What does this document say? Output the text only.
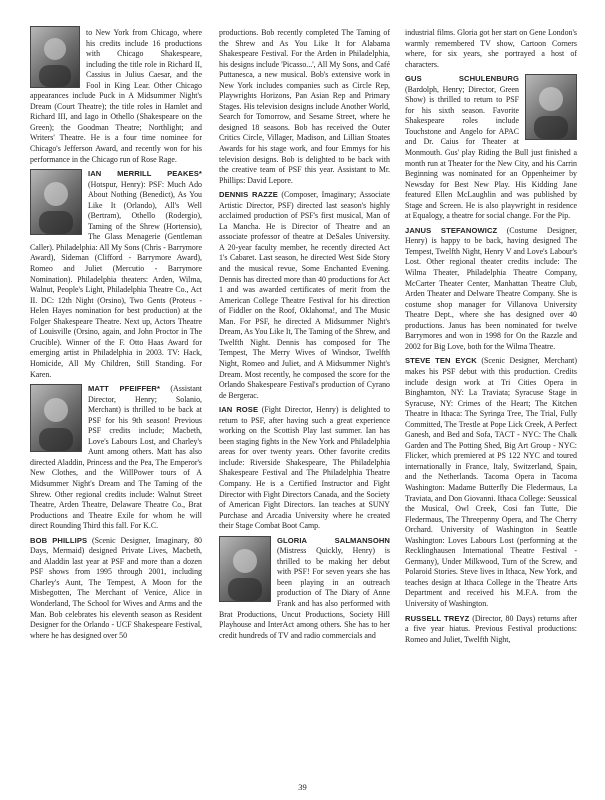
to New York from Chicago, where his credits include 16 productions with Chicago Shakespeare, including the title role in Richard II, Cassius in Julius Caesar, and the Fool in King Lear. Other Chicago appearances include Puck in A Midsummer Night's Dream (Court Theatre); the title roles in Hamlet and Richard III, and Iago in Othello (Shakespeare on the Green); the Goodman Theatre; Northlight; and Writers' Theatre. He is a four time nominee for Chicago's Jefferson Award, and recently won for his performance in the Chicago run of Rose Rage.

IAN MERRILL PEAKES*
(Hotspur, Henry): PSF: Much Ado About Nothing (Benedict), As You Like It (Orlando), All's Well (Bertram), Othello (Rodergio), Taming of the Shrew (Hortensio), The Glass Menagerie (Gentleman Caller). Philadelphia: All My Sons (Chris - Barrymore Award), Sideman (Clifford - Barrymore Award), Romeo and Juliet (Mercutio - Barrymore Nomination). Philadelphia theaters: Arden, Wilma, Walnut, People's Light, Philadelphia Theatre Co., Act II. DC: 12th Night (Orsino), Two Gents (Proteus - Helen Hayes nomination for best production) at the Folger Shakespeare Theatre. Next up, Actors Theatre of Louisville (Orsino, again, and John Proctor in The Crucible). Winner of the F. Otto Haas Award for emerging artist in Philadelphia in 2003. TV: Hack, Homicide, All My Children, Still Standing. For Karen.

MATT PFEIFFER* (Assistant Director, Henry; Solanio, Merchant) is thrilled to be back at PSF for his 9th season! Previous PSF credits include; Macbeth, Love's Labours Lost, and Charley's Aunt among others. Matt has also directed Aladdin, Princess and the Pea, The Emperor's New Clothes, and the WillPower tours of A Midsummer Night's Dream and The Taming of the Shrew. Other regional credits include: Walnut Street Theatre, Arden Theatre, Delaware Theatre Co., Brat Productions and Theatre Exile for whom he will direct Rounding Third this fall. For K.C.

BOB PHILLIPS (Scenic Designer, Imaginary, 80 Days, Mermaid) designed Private Lives, Macbeth, and Aladdin last year at PSF and more than a dozen PSF shows from 1995 through 2001, including Charley's Aunt, The Tempest, A Moon for the Misbegotten, The Merchant of Venice, Alice in Wonderland, The School for Wives and Arms and the Man. Bob celebrates his eleventh season as Resident Designer for the Orlando - UCF Shakespeare Festival, where he has designed over 50

productions. Bob recently completed The Taming of the Shrew and As You Like It for Alabama Shakespeare Festival. For the Arden in Philadelphia, his designs include 'Picasso...', All My Sons, and Café Puttanesca, a new musical. Bob's extensive work in New York includes companies such as Circle Rep, Playwrights Horizons, Pan Asian Rep and Primary Stages. His television designs include Another World, Search for Tomorrow, and Sesame Street, where he designed 18 seasons. Bob has received the Outer Critics Circle, Villager, Madison, and Lillian Stoates Awards for his stage work, and four Emmys for his television designs. Bob is delighted to be back with the creative team of PSF this year. Assistant to Mr. Phillips: David Lepore.

DENNIS RAZZE (Composer, Imaginary; Associate Artistic Director, PSF) directed last season's highly acclaimed production of PSF's first musical, Man of La Mancha. He is Director of Theatre and an associate professor of theatre at DeSales University. A 20-year faculty member, he recently directed Act 1's Cabaret. Last season, he directed West Side Story and the musical revue, Some Enchanted Evening. Dennis has directed more than 40 productions for Act 1 and was awarded certificates of merit from the American College Theatre Festival for his direction of Fiddler on the Roof, Oklahoma!, and The Music Man. For PSF, he directed A Midsummer Night's Dream, As You Like It, The Taming of the Shrew, and Twelfth Night. Dennis has composed for The Tempest, The Merry Wives of Windsor, Twelfth Night, Romeo and Juliet, and A Midsummer Night's Dream. Most recently, he composed the score for the Orlando Shakespeare Festival's production of Cyrano de Bergerac.

IAN ROSE (Fight Director, Henry) is delighted to return to PSF, after having such a great experience working on the Scottish Play last summer. Ian has been staging fights in the New York and Philadelphia areas for over twenty years. Other favorite credits include: Riverside Shakespeare, The Philadelphia Shakespeare Festival and The Philadelphia Theatre Company. He is a Certified Instructor and Fight Director with Fight Directors Canada, and the Society of American Fight Directors. Ian teaches at SUNY Purchase and Arcadia University where he created their Stage Combat Boot Camp.

GLORIA SALMANSOHN
(Mistress Quickly, Henry) is thrilled to be making her debut with PSF! For seven years she has been playing in an outreach production of The Diary of Anne Frank and has also performed with Brat Productions, Uncut Productions, Society Hill Playhouse and InterAct among others. She has to her credit hundreds of TV and radio commercials and

industrial films. Gloria got her start on Gene London's warmly remembered TV show, Cartoon Corners where, for six years, she portrayed a host of characters.

GUS SCHULENBURG
(Bardolph, Henry; Director, Green Show) is thrilled to return to PSF for his sixth season. Favorite Shakespeare roles include Touchstone and Angelo for APAC and Dr. Caius for Theater at Monmouth. Gus' play Riding the Bull just finished a month run at Theater for the New City, and his Carrin Beginning was nominated for an Oppenheimer by Newsday for Best New Play. His Kidding Jane featured Ellen McLaughlin and was published by Stage and Screen. He is also playwright in residence at Equalogy, a theatre for social change. For the Pip.

JANUS STEFANOWICZ (Costume Designer, Henry) is happy to be back, having designed The Tempest, Twelfth Night, Henry V and Love's Labour's Lost. Other regional theater credits include: The Wilma Theater, Philadelphia Theatre Company, McCarter Theater Center, Manhattan Theatre Club, Arden Theater and Delware Theatre Company. She is costume shop manager for Villanova University Theatre Dept., where she has designed over 40 productions. Janus has been nominated for twelve Barrymores and won in 1998 for On the Razzle and 2002 for Big Love, both for the Wilma Theatre.

STEVE TEN EYCK (Scenic Designer, Merchant) makes his PSF debut with this production. Credits include design work at Tri Cities Opera in Binghamton, NY: La Traviata; Syracuse Stage in Syracuse, NY: Crimes of the Heart; The Kitchen Theatre in Ithaca: The Syringa Tree, The Trial, Fully Committed, The Trestle at Pope Lick Creek, A Perfect Ganesh, and Bed and Sofa, TACT - NYC: The Chalk Garden and The Potting Shed, Big Art Group - NYC: Flicker, which premiered at PS 122 NYC and toured internationally in France, Italy, Switzerland, Spain, and the Netherlands. Tacoma Opera in Tacoma Washington: Madame Butterfly Die Fledermaus, La Traviata, and Don Giovanni. Ithaca College: Seussical the Musical, Owl Creek, Cosi fan Tutte, Die Fledermaus, The Threepenny Opera, and The Cherry Orchard. University of Washington in Seattle Washington: Loves Labours Lost (performing at the Recklinghausen International Theatre Festival - Germany), Under Milkwood, Turn of the Screw, and Polaroid Stories. Steve lives in Ithaca, New York, and teaches design at Ithaca College in the Theatre Arts Department and received his M.F.A. from the University of Washington.

RUSSELL TREYZ (Director, 80 Days) returns after a five year hiatus. Previous Festival productions: Romeo and Juliet, Twelfth Night,

39
